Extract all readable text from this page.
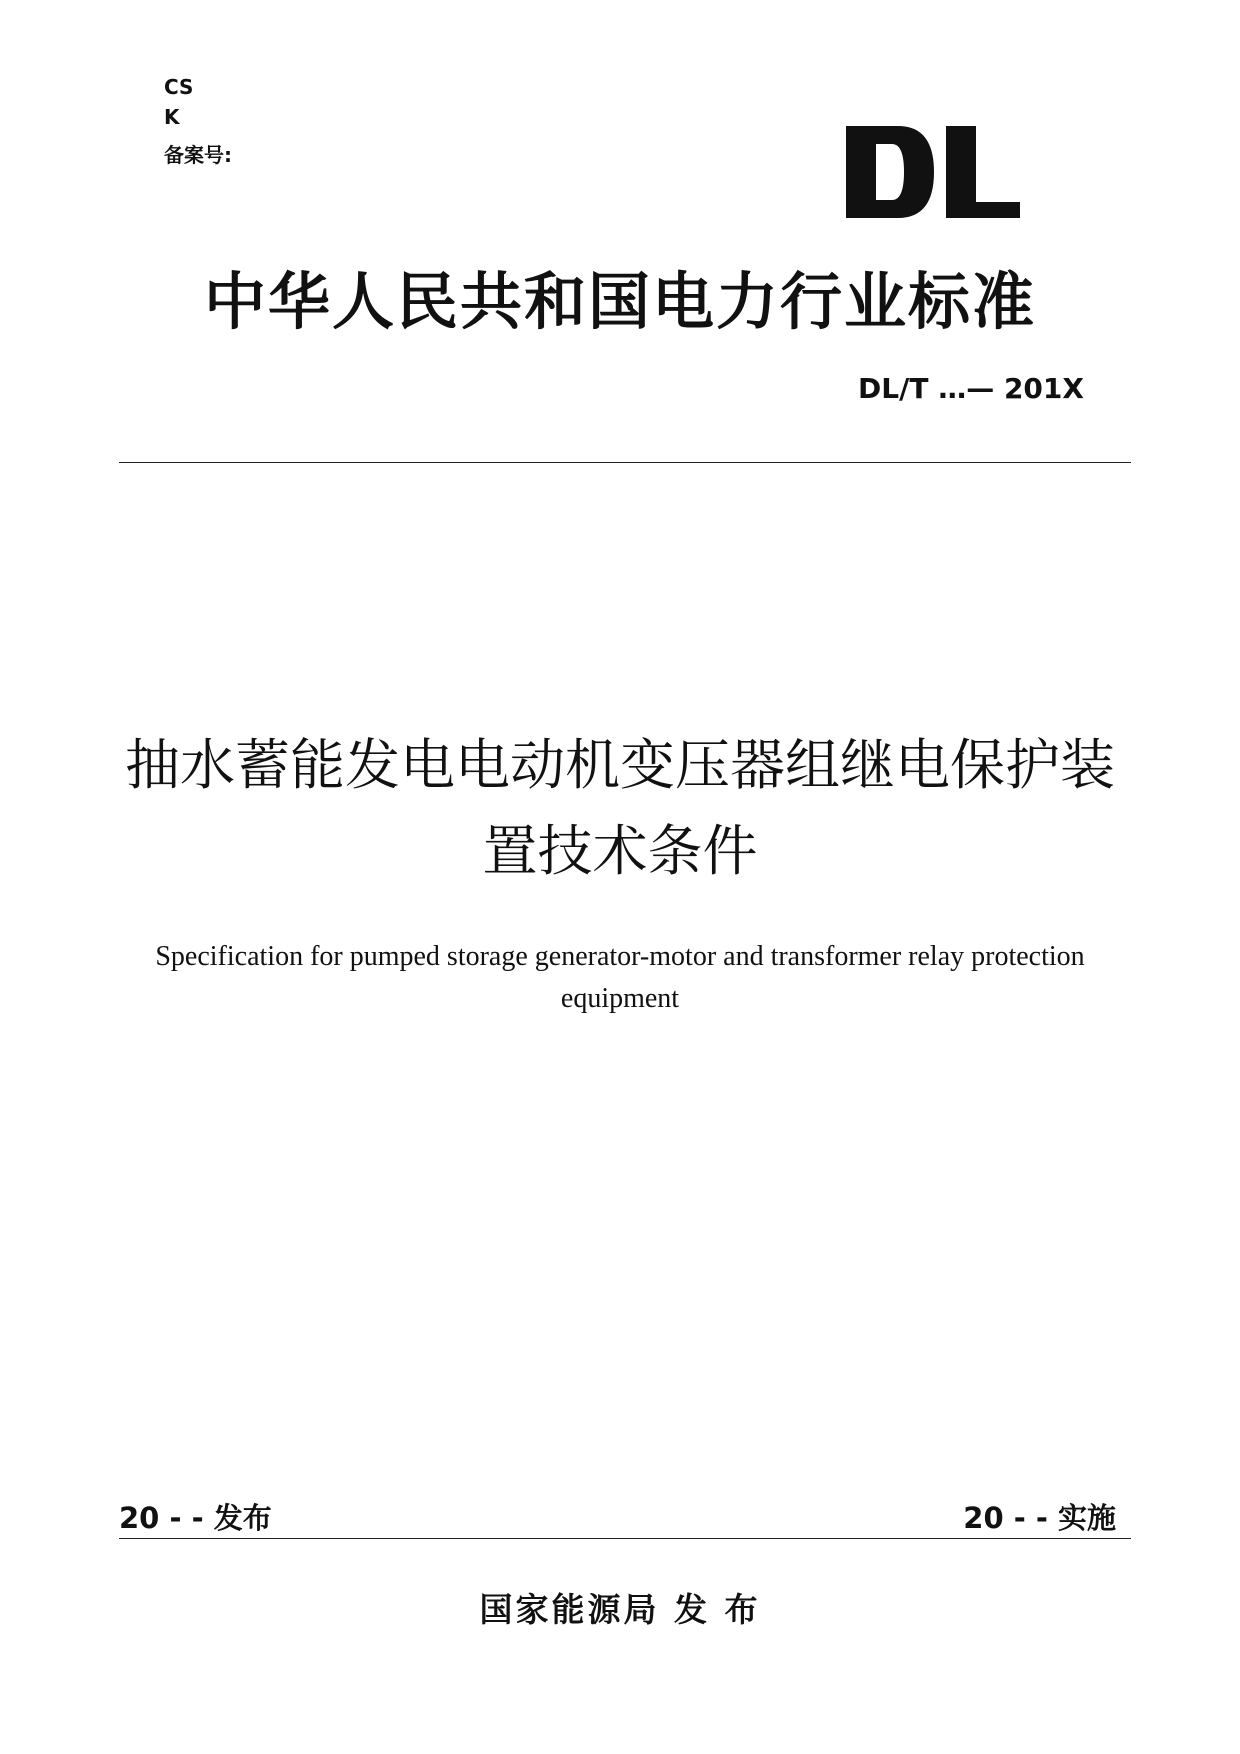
CS
K
备案号:
中华人民共和国电力行业标准
DL/T …— 201X
抽水蓄能发电电动机变压器组继电保护装
置技术条件
Specification for pumped storage generator-motor and transformer relay protection
equipment
20 - - 发布	20 - - 实施
国家能源局 发 布
